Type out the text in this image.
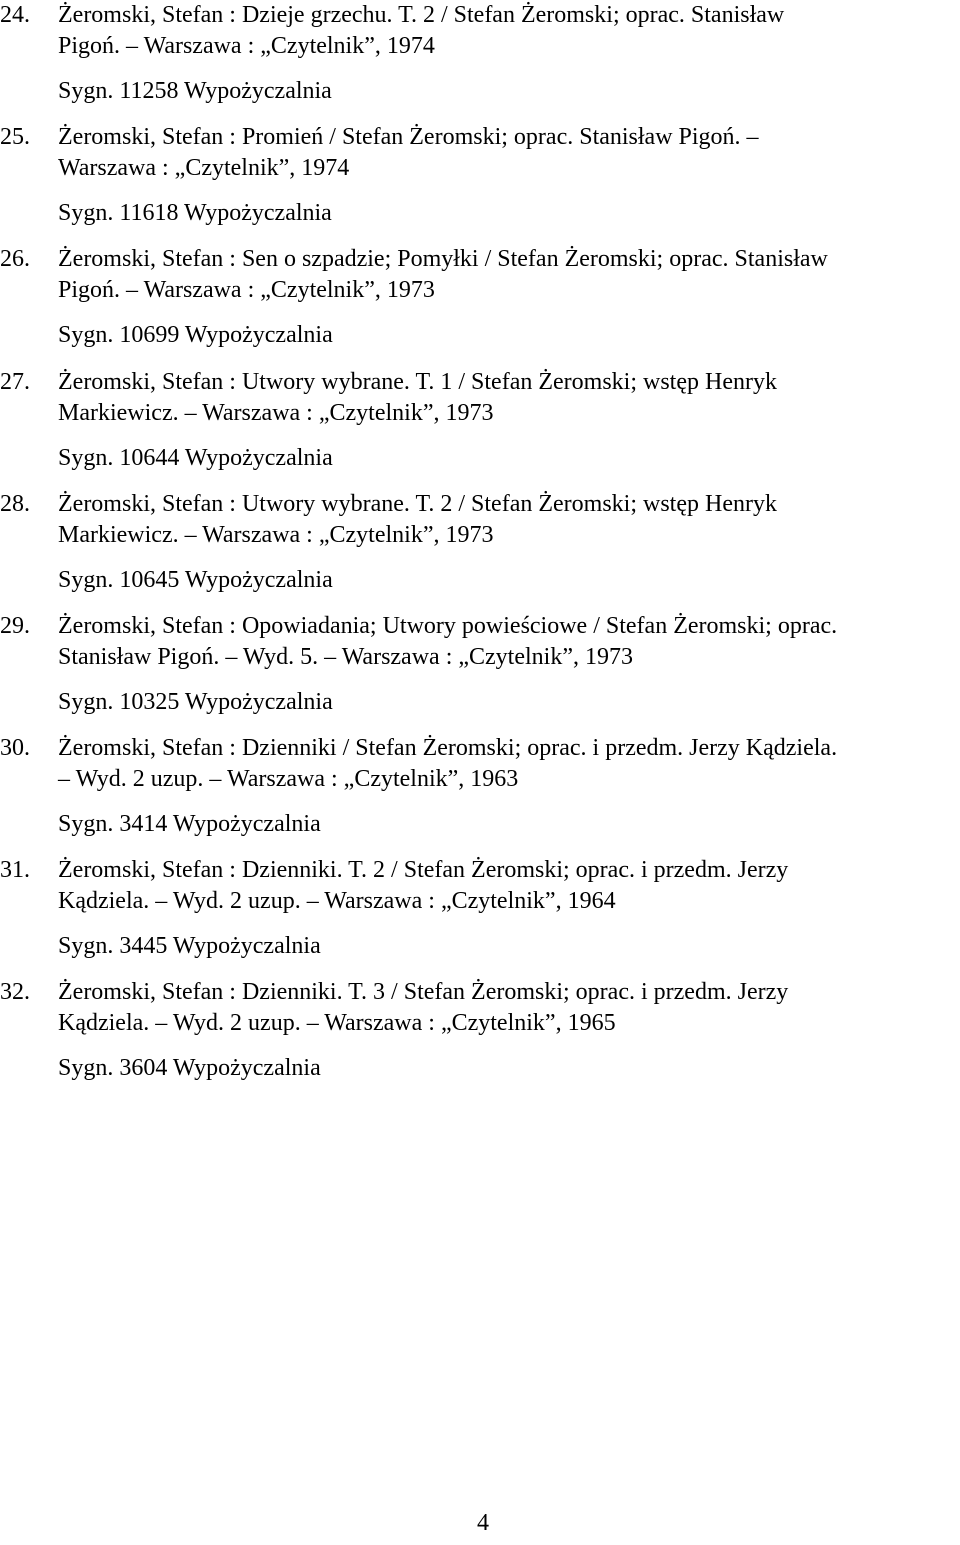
24. Żeromski, Stefan : Dzieje grzechu. T. 2 / Stefan Żeromski; oprac. Stanisław
Pigoń. – Warszawa : „Czytelnik”, 1974
Sygn. 11258 Wypożyczalnia
25. Żeromski, Stefan : Promień / Stefan Żeromski; oprac. Stanisław Pigoń. –
Warszawa : „Czytelnik”, 1974
Sygn. 11618 Wypożyczalnia
26. Żeromski, Stefan : Sen o szpadzie; Pomyłki / Stefan Żeromski; oprac. Stanisław
Pigoń. – Warszawa : „Czytelnik”, 1973
Sygn. 10699 Wypożyczalnia
27. Żeromski, Stefan : Utwory wybrane. T. 1 / Stefan Żeromski; wstęp Henryk
Markiewicz. – Warszawa : „Czytelnik”, 1973
Sygn. 10644 Wypożyczalnia
28. Żeromski, Stefan : Utwory wybrane. T. 2 / Stefan Żeromski; wstęp Henryk
Markiewicz. – Warszawa : „Czytelnik”, 1973
Sygn. 10645 Wypożyczalnia
29. Żeromski, Stefan : Opowiadania; Utwory powieściowe / Stefan Żeromski; oprac.
Stanisław Pigoń. – Wyd. 5. – Warszawa : „Czytelnik”, 1973
Sygn. 10325 Wypożyczalnia
30. Żeromski, Stefan : Dzienniki / Stefan Żeromski; oprac. i przedm. Jerzy Kądziela.
– Wyd. 2 uzup. – Warszawa : „Czytelnik”, 1963
Sygn. 3414 Wypożyczalnia
31. Żeromski, Stefan : Dzienniki. T. 2 / Stefan Żeromski; oprac. i przedm. Jerzy
Kądziela. – Wyd. 2 uzup. – Warszawa : „Czytelnik”, 1964
Sygn. 3445 Wypożyczalnia
32. Żeromski, Stefan : Dzienniki. T. 3 / Stefan Żeromski; oprac. i przedm. Jerzy
Kądziela. – Wyd. 2 uzup. – Warszawa : „Czytelnik”, 1965
Sygn. 3604 Wypożyczalnia
4
